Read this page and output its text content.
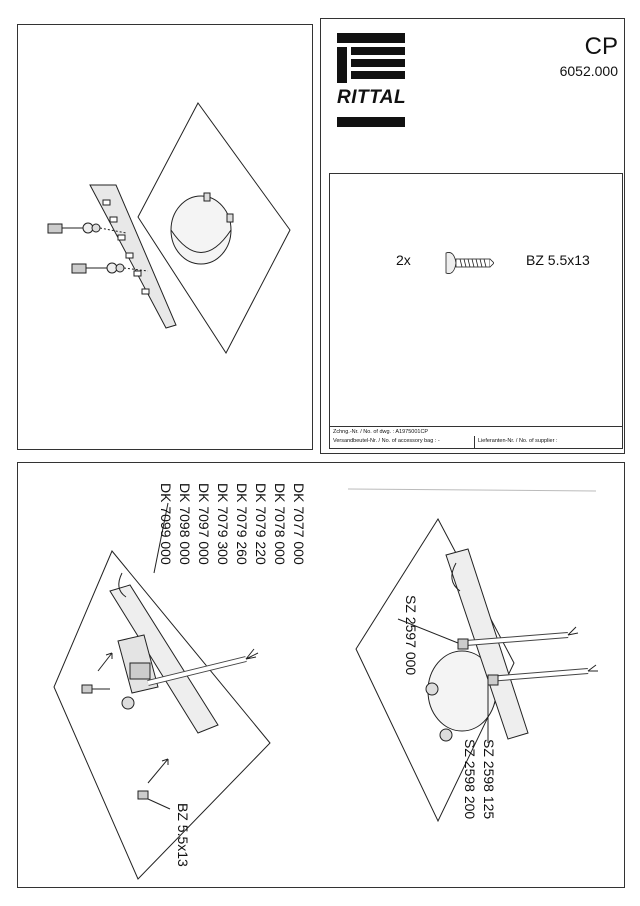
RITTAL
CP
6052.000
2x	BZ 5.5x13
Zchng.-Nr. / No. of dwg. : A1975001CP
Versandbeutel-Nr. / No. of accessory bag : -	Lieferanten-Nr. / No. of supplier :
DK 7077 000
DK 7078 000
DK 7079 220
DK 7079 260
DK 7079 300
DK 7097 000
DK 7098 000
DK 7099 000
BZ 5.5x13
SZ 2597 000
SZ 2598 125
SZ 2598 200
